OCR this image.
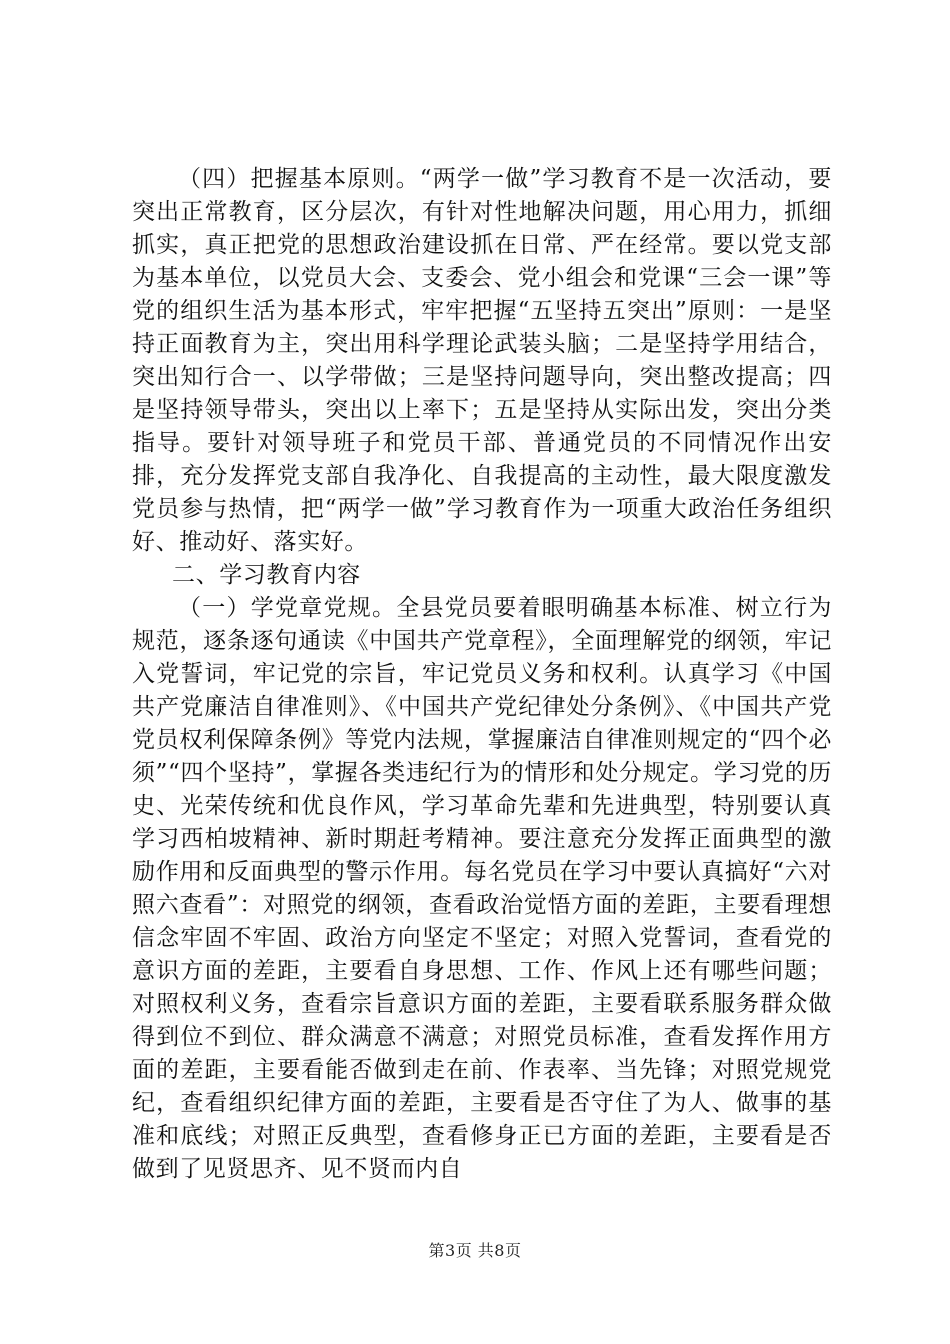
（四）把握基本原则。“两学一做”学习教育不是一次活动，要突出正常教育，区分层次，有针对性地解决问题，用心用力，抓细抓实，真正把党的思想政治建设抓在日常、严在经常。要以党支部为基本单位，以党员大会、支委会、党小组会和党课“三会一课”等党的组织生活为基本形式，牢牢把握“五坚持五突出”原则：一是坚持正面教育为主，突出用科学理论武装头脑；二是坚持学用结合，突出知行合一、以学带做；三是坚持问题导向，突出整改提高；四是坚持领导带头，突出以上率下；五是坚持从实际出发，突出分类指导。要针对领导班子和党员干部、普通党员的不同情况作出安排，充分发挥党支部自我净化、自我提高的主动性，最大限度激发党员参与热情，把“两学一做”学习教育作为一项重大政治任务组织好、推动好、落实好。

二、学习教育内容

（一）学党章党规。全县党员要着眼明确基本标准、树立行为规范，逐条逐句通读《中国共产党章程》，全面理解党的纲领，牢记入党誓词，牢记党的宗旨，牢记党员义务和权利。认真学习《中国共产党廉洁自律准则》、《中国共产党纪律处分条例》、《中国共产党党员权利保障条例》等党内法规，掌握廉洁自律准则规定的“四个必须”“四个坚持”，掌握各类违纪行为的情形和处分规定。学习党的历史、光荣传统和优良作风，学习革命先辈和先进典型，特别要认真学习西柏坡精神、新时期赶考精神。要注意充分发挥正面典型的激励作用和反面典型的警示作用。每名党员在学习中要认真搞好“六对照六查看”：对照党的纲领，查看政治觉悟方面的差距，主要看理想信念牢固不牢固、政治方向坚定不坚定；对照入党誓词，查看党的意识方面的差距，主要看自身思想、工作、作风上还有哪些问题；对照权利义务，查看宗旨意识方面的差距，主要看联系服务群众做得到位不到位、群众满意不满意；对照党员标准，查看发挥作用方面的差距，主要看能否做到走在前、作表率、当先锋；对照党规党纪，查看组织纪律方面的差距，主要看是否守住了为人、做事的基准和底线；对照正反典型，查看修身正已方面的差距，主要看是否做到了见贤思齐、见不贤而内自

第3页 共8页
